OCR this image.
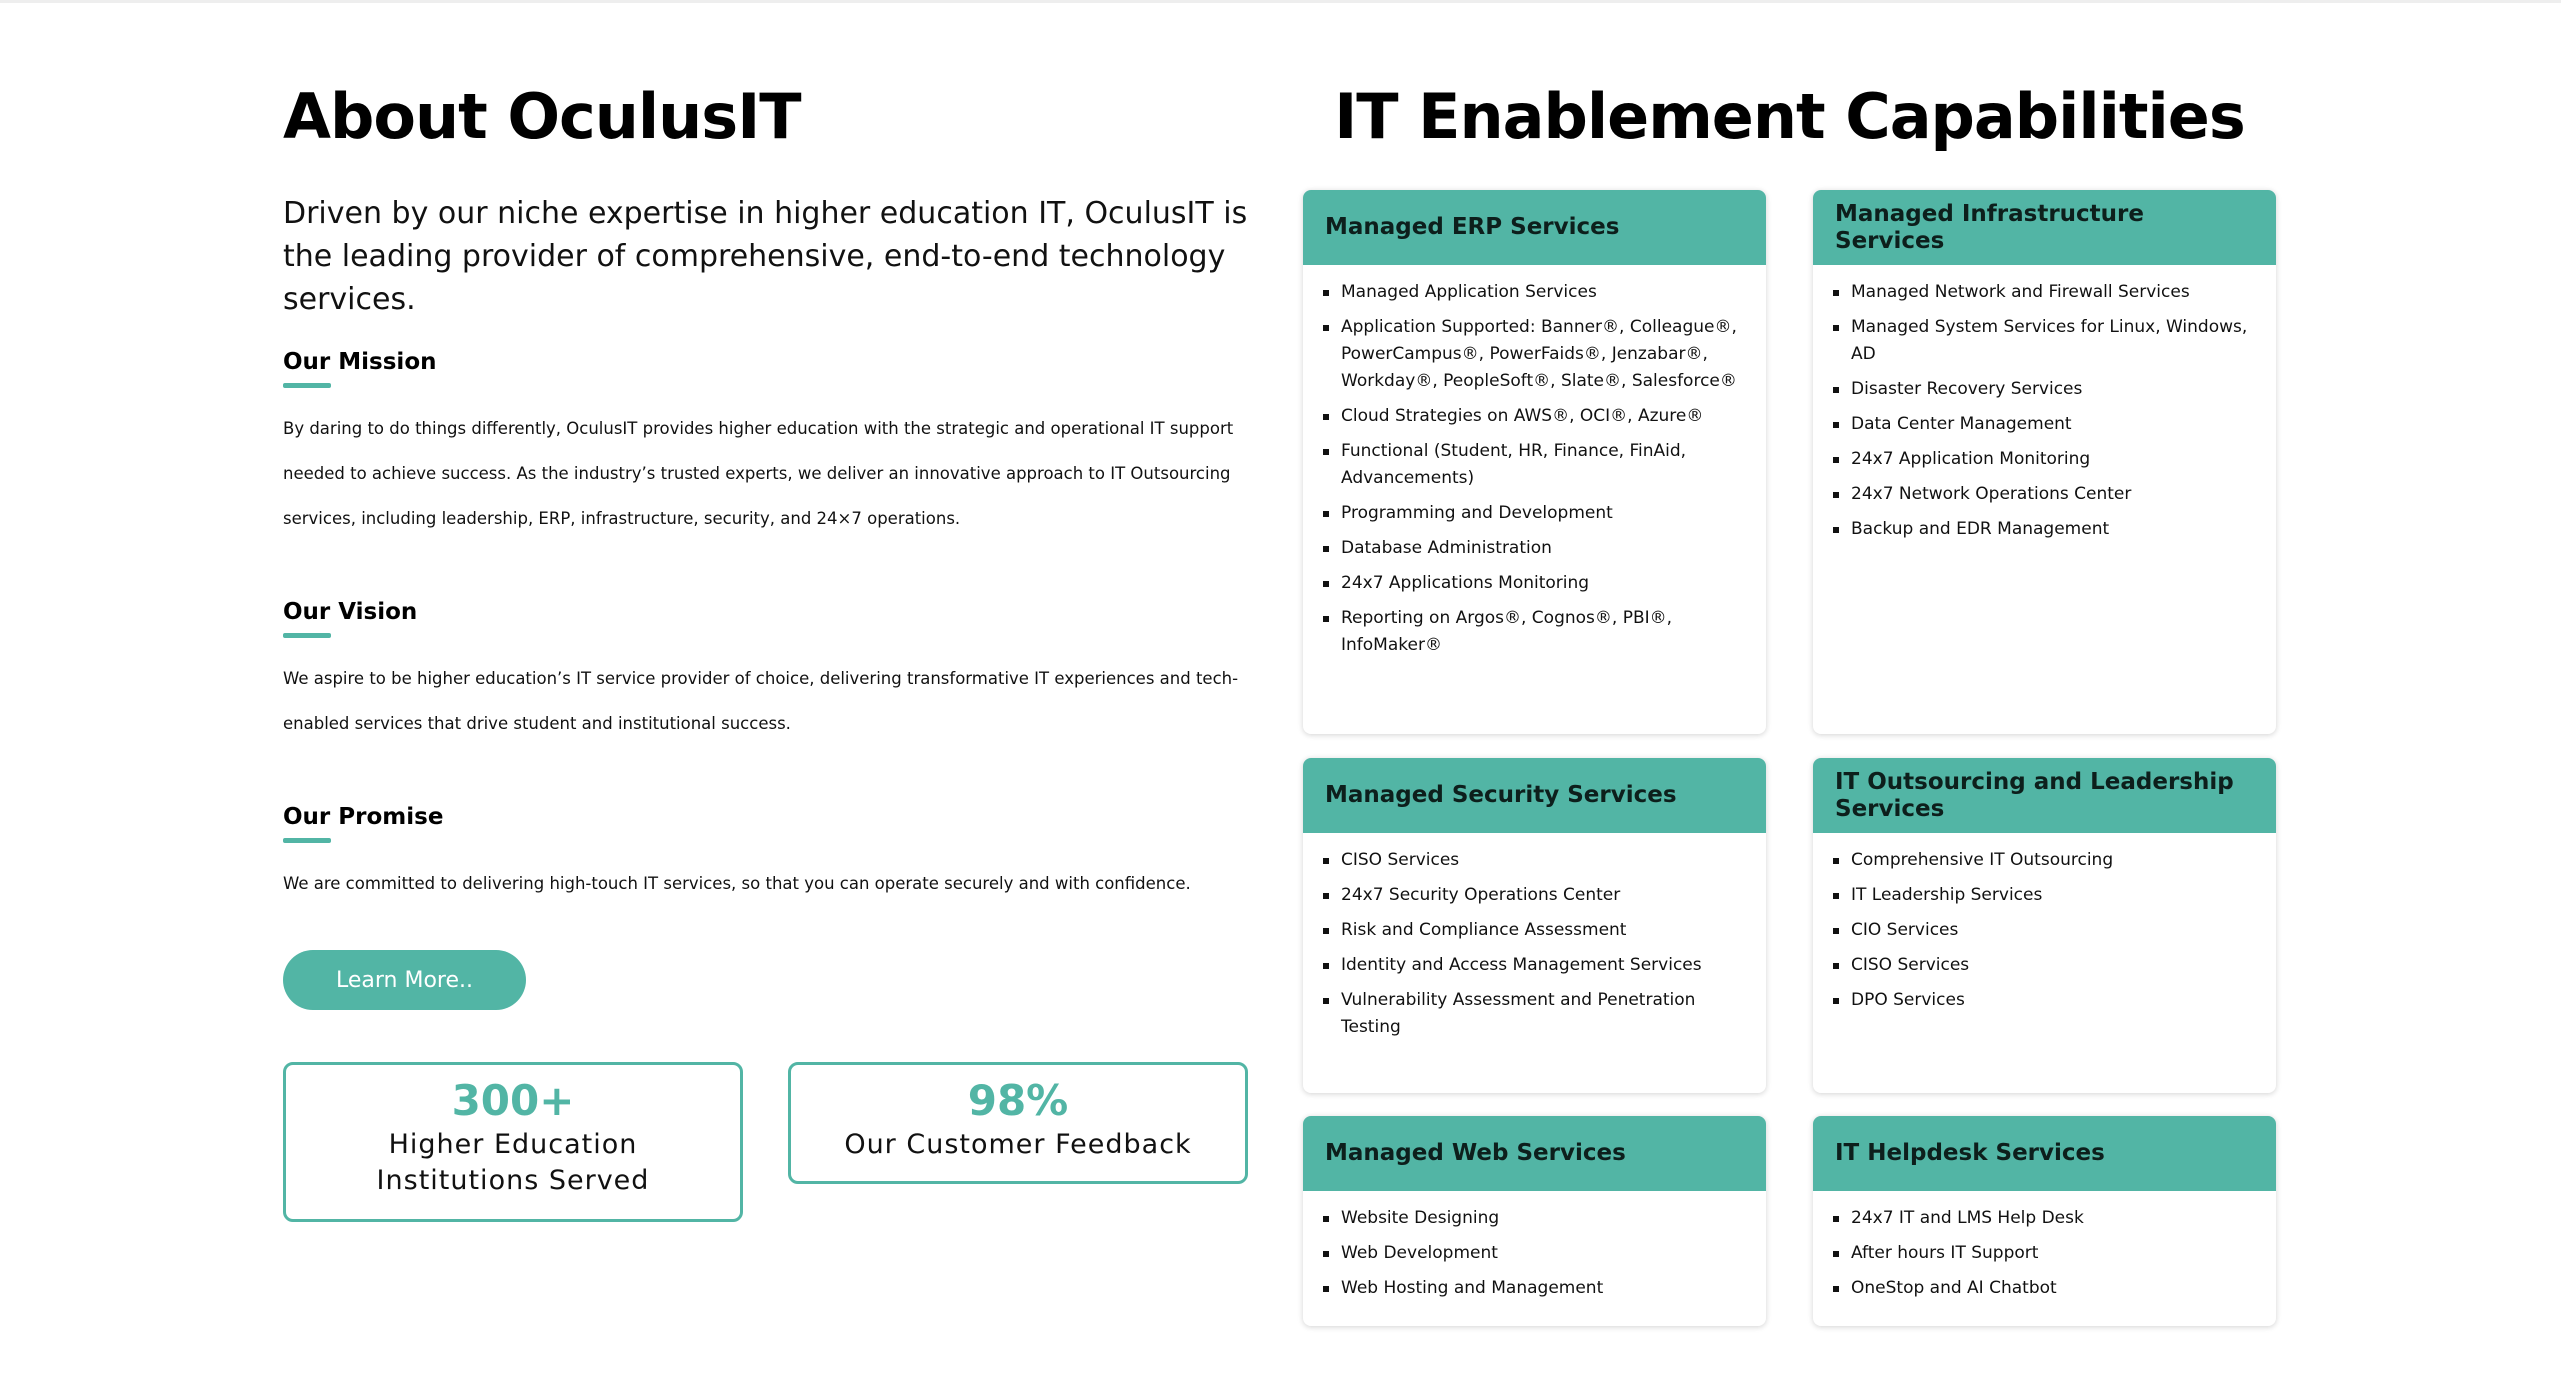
About OculusIT
Driven by our niche expertise in higher education IT, OculusIT is the leading provider of comprehensive, end-to-end technology services.
Our Mission
By daring to do things differently, OculusIT provides higher education with the strategic and operational IT support needed to achieve success. As the industry’s trusted experts, we deliver an innovative approach to IT Outsourcing services, including leadership, ERP, infrastructure, security, and 24×7 operations.
Our Vision
We aspire to be higher education’s IT service provider of choice, delivering transformative IT experiences and tech-enabled services that drive student and institutional success.
Our Promise
We are committed to delivering high-touch IT services, so that you can operate securely and with confidence.
Learn More..
300+
Higher Education Institutions Served
98%
Our Customer Feedback
IT Enablement Capabilities
Managed ERP Services
Managed Application Services
Application Supported: Banner®, Colleague®, PowerCampus®, PowerFaids®, Jenzabar®, Workday®, PeopleSoft®, Slate®, Salesforce®
Cloud Strategies on AWS®, OCI®, Azure®
Functional (Student, HR, Finance, FinAid, Advancements)
Programming and Development
Database Administration
24x7 Applications Monitoring
Reporting on Argos®, Cognos®, PBI®, InfoMaker®
Managed Infrastructure Services
Managed Network and Firewall Services
Managed System Services for Linux, Windows, AD
Disaster Recovery Services
Data Center Management
24x7 Application Monitoring
24x7 Network Operations Center
Backup and EDR Management
Managed Security Services
CISO Services
24x7 Security Operations Center
Risk and Compliance Assessment
Identity and Access Management Services
Vulnerability Assessment and Penetration Testing
IT Outsourcing and Leadership Services
Comprehensive IT Outsourcing
IT Leadership Services
CIO Services
CISO Services
DPO Services
Managed Web Services
Website Designing
Web Development
Web Hosting and Management
IT Helpdesk Services
24x7 IT and LMS Help Desk
After hours IT Support
OneStop and AI Chatbot
